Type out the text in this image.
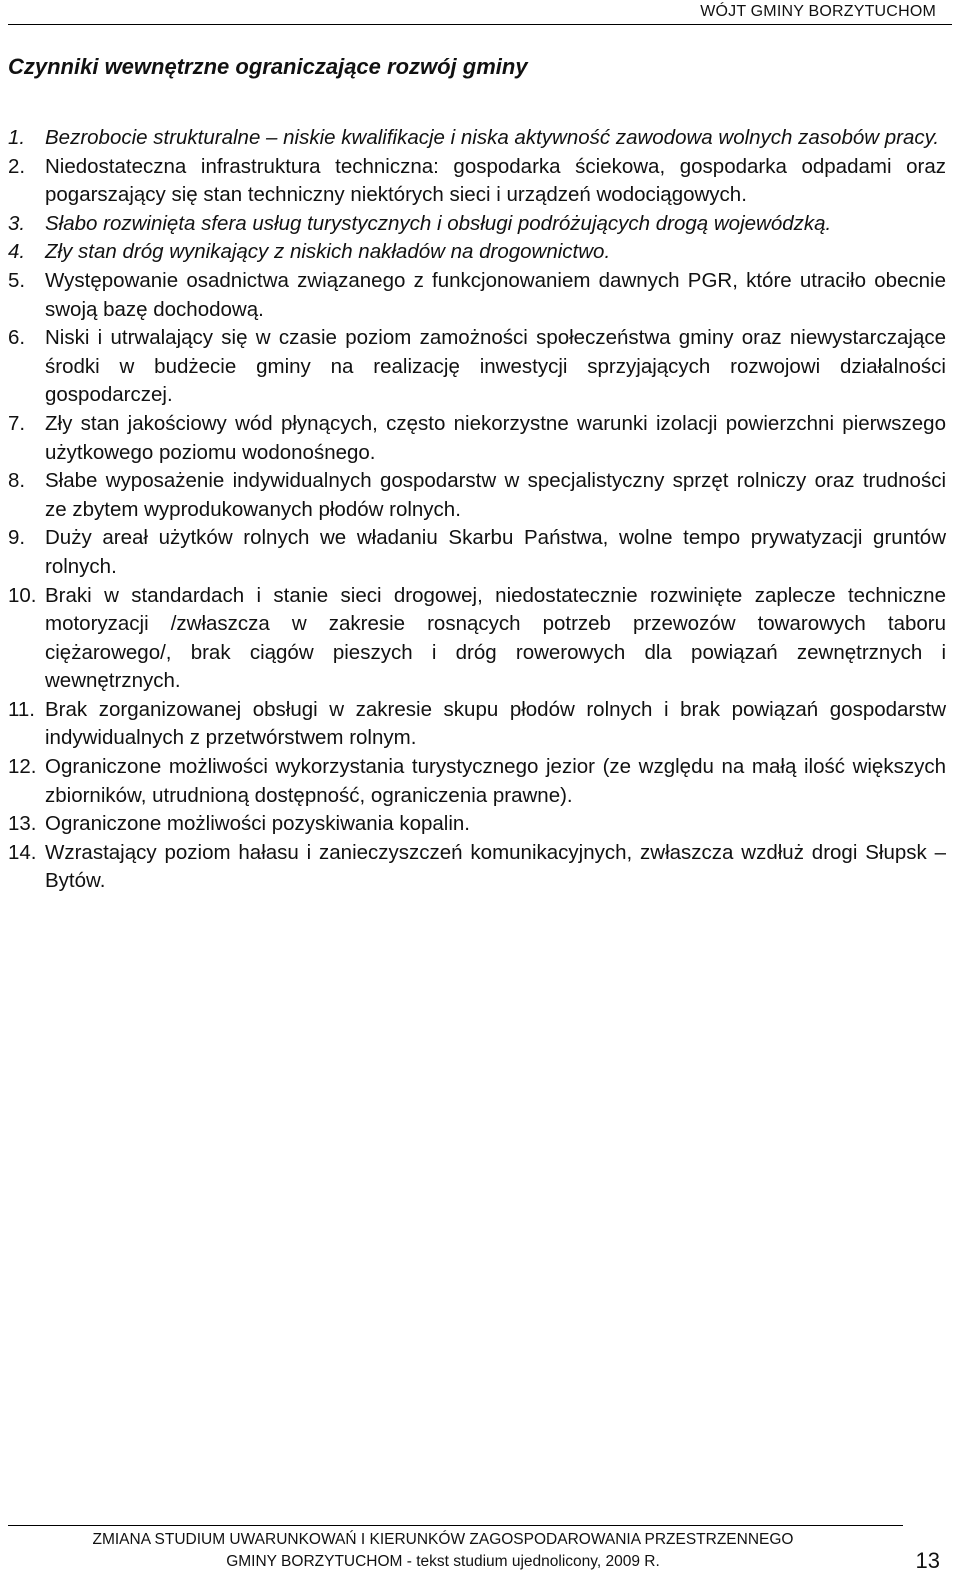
WÓJT GMINY BORZYTUCHOM
Czynniki wewnętrzne ograniczające rozwój gminy
1. Bezrobocie strukturalne – niskie kwalifikacje i niska aktywność zawodowa wolnych zasobów pracy.
2. Niedostateczna infrastruktura techniczna: gospodarka ściekowa, gospodarka odpadami oraz pogarszający się stan techniczny niektórych sieci i urządzeń wodociągowych.
3. Słabo rozwinięta sfera usług turystycznych i obsługi podróżujących drogą wojewódzką.
4. Zły stan dróg wynikający z niskich nakładów na drogownictwo.
5. Występowanie osadnictwa związanego z funkcjonowaniem dawnych PGR, które utraciło obecnie swoją bazę dochodową.
6. Niski i utrwalający się w czasie poziom zamożności społeczeństwa gminy oraz niewystarczające środki w budżecie gminy na realizację inwestycji sprzyjających rozwojowi działalności gospodarczej.
7. Zły stan jakościowy wód płynących, często niekorzystne warunki izolacji powierzchni pierwszego użytkowego poziomu wodonośnego.
8. Słabe wyposażenie indywidualnych gospodarstw w specjalistyczny sprzęt rolniczy oraz trudności ze zbytem wyprodukowanych płodów rolnych.
9. Duży areał użytków rolnych we władaniu Skarbu Państwa, wolne tempo prywatyzacji gruntów rolnych.
10. Braki w standardach i stanie sieci drogowej, niedostatecznie rozwinięte zaplecze techniczne motoryzacji /zwłaszcza w zakresie rosnących potrzeb przewozów towarowych taboru ciężarowego/, brak ciągów pieszych i dróg rowerowych dla powiązań zewnętrznych i wewnętrznych.
11. Brak zorganizowanej obsługi w zakresie skupu płodów rolnych i brak powiązań gospodarstw indywidualnych z przetwórstwem rolnym.
12. Ograniczone możliwości wykorzystania turystycznego jezior (ze względu na małą ilość większych zbiorników, utrudnioną dostępność, ograniczenia prawne).
13. Ograniczone możliwości pozyskiwania kopalin.
14. Wzrastający poziom hałasu i zanieczyszczeń komunikacyjnych, zwłaszcza wzdłuż drogi Słupsk – Bytów.
ZMIANA STUDIUM UWARUNKOWAŃ I KIERUNKÓW ZAGOSPODAROWANIA PRZESTRZENNEGO
GMINY BORZYTUCHOM - tekst studium ujednolicony, 2009 R.	13
